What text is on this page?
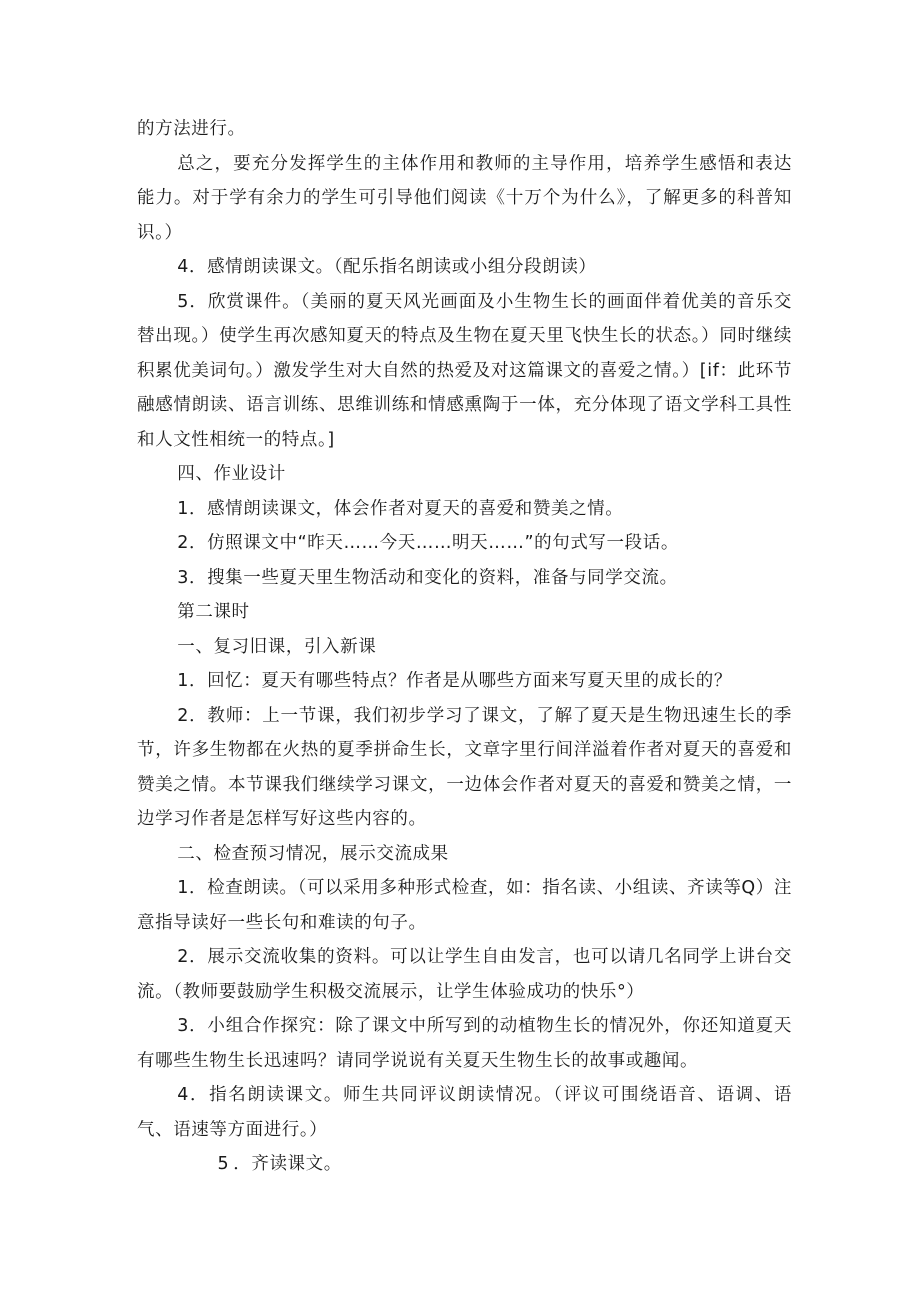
的方法进行。

总之，要充分发挥学生的主体作用和教师的主导作用，培养学生感悟和表达能力。对于学有余力的学生可引导他们阅读《十万个为什么》，了解更多的科普知识。）

4．感情朗读课文。（配乐指名朗读或小组分段朗读）

5．欣赏课件。（美丽的夏天风光画面及小生物生长的画面伴着优美的音乐交替出现。）使学生再次感知夏天的特点及生物在夏天里飞快生长的状态。）同时继续积累优美词句。）激发学生对大自然的热爱及对这篇课文的喜爱之情。）[if：此环节融感情朗读、语言训练、思维训练和情感熏陶于一体，充分体现了语文学科工具性和人文性相统一的特点。]

四、作业设计

1．感情朗读课文，体会作者对夏天的喜爱和赞美之情。

2．仿照课文中“昨天……今天……明天……”的句式写一段话。

3．搜集一些夏天里生物活动和变化的资料，准备与同学交流。

第二课时

一、复习旧课，引入新课

1．回忆：夏天有哪些特点？作者是从哪些方面来写夏天里的成长的？

2．教师：上一节课，我们初步学习了课文，了解了夏天是生物迅速生长的季节，许多生物都在火热的夏季拼命生长，文章字里行间洋溢着作者对夏天的喜爱和赞美之情。本节课我们继续学习课文，一边体会作者对夏天的喜爱和赞美之情，一边学习作者是怎样写好这些内容的。

二、检查预习情况，展示交流成果

1．检查朗读。（可以采用多种形式检查，如：指名读、小组读、齐读等Q）注意指导读好一些长句和难读的句子。

2．展示交流收集的资料。可以让学生自由发言，也可以请几名同学上讲台交流。（教师要鼓励学生积极交流展示，让学生体验成功的快乐°）

3．小组合作探究：除了课文中所写到的动植物生长的情况外，你还知道夏天有哪些生物生长迅速吗？请同学说说有关夏天生物生长的故事或趣闻。

4．指名朗读课文。师生共同评议朗读情况。（评议可围绕语音、语调、语气、语速等方面进行。）

5 ．齐读课文。
